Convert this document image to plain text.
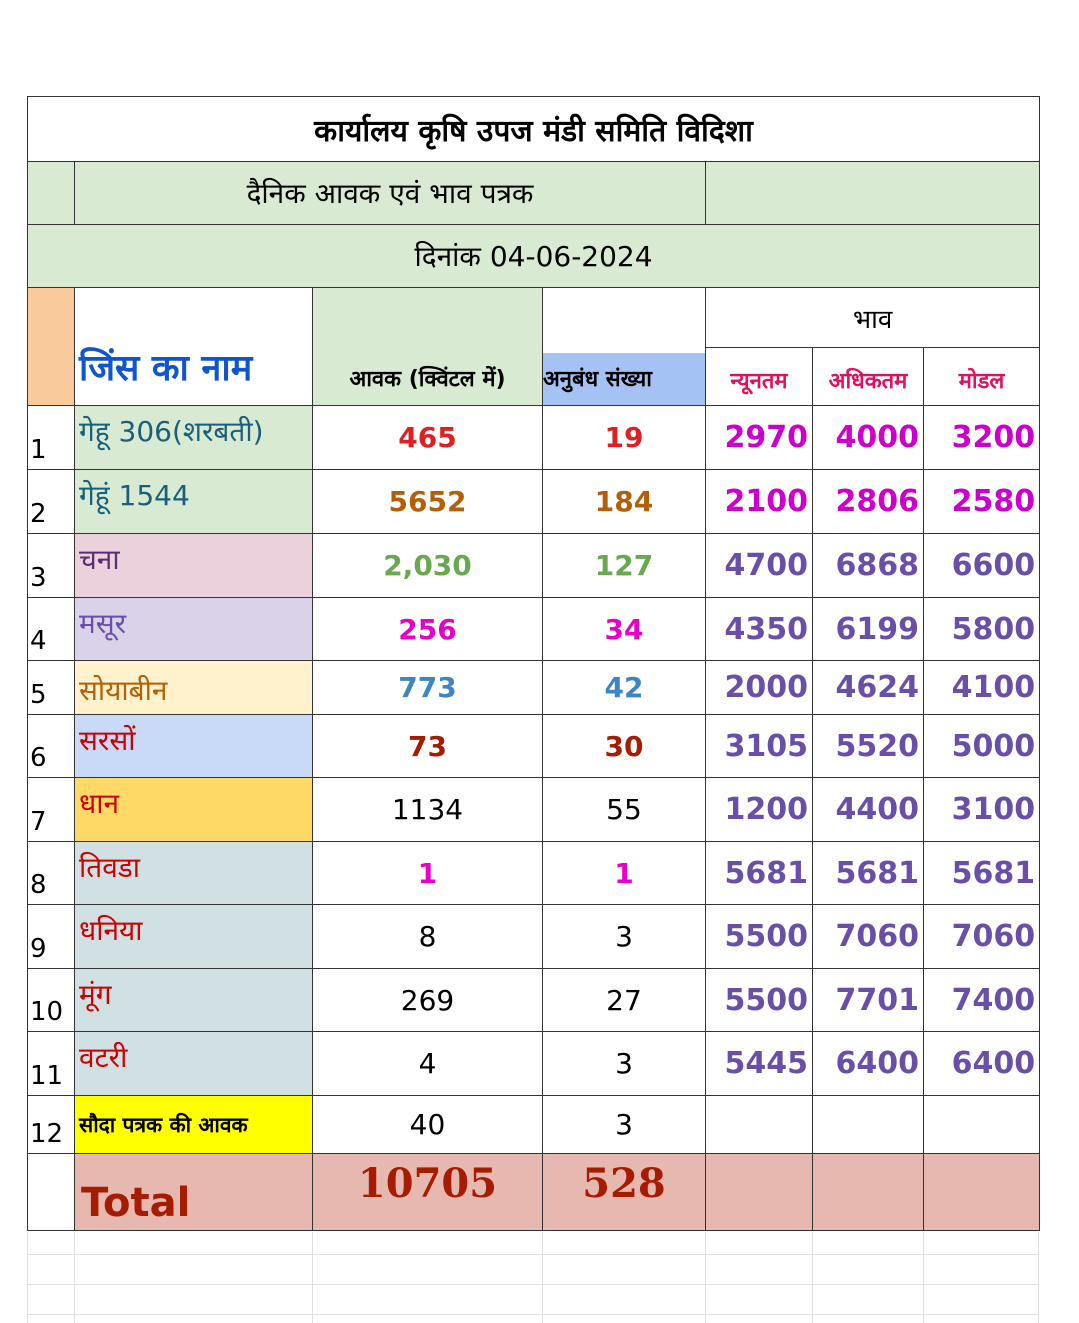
कार्यालय कृषि उपज मंडी समिति विदिशा						
	दैनिक आवक एवं भाव पत्रक					
दिनांक 04-06-2024						
	जिंस का नाम	आवक (क्विंटल में)	अनुबंध संख्या	भाव		
				न्यूनतम	अधिकतम	मोडल
1	गेहू 306(शरबती)	465	19	2970	4000	3200
2	गेहूं 1544	5652	184	2100	2806	2580
3	चना	2,030	127	4700	6868	6600
4	मसूर	256	34	4350	6199	5800
5	सोयाबीन	773	42	2000	4624	4100
6	सरसों	73	30	3105	5520	5000
7	धान	1134	55	1200	4400	3100
8	तिवडा	1	1	5681	5681	5681
9	धनिया	8	3	5500	7060	7060
10	मूंग	269	27	5500	7701	7400
11	वटरी	4	3	5445	6400	6400
12	सौदा पत्रक की आवक	40	3			
	Total	10705	528			
